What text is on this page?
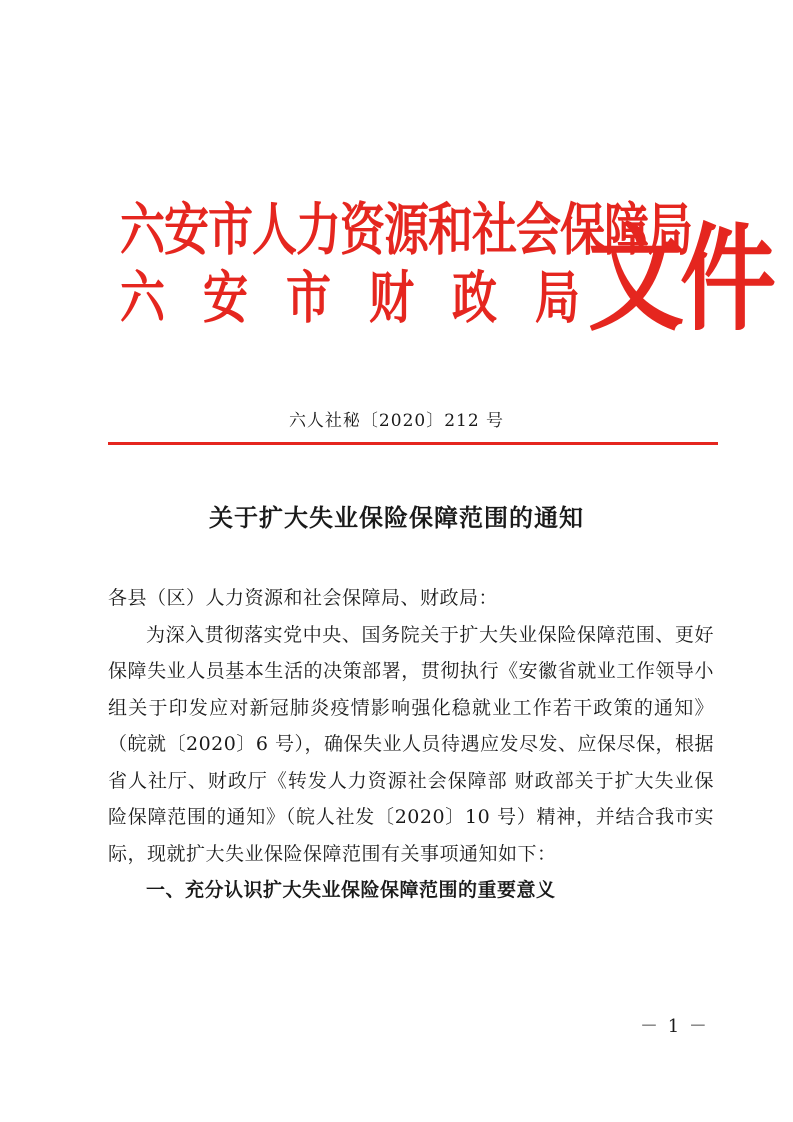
六安市人力资源和社会保障局
六 安 市 财 政 局 文件
六人社秘〔2020〕212 号
关于扩大失业保险保障范围的通知

各县（区）人力资源和社会保障局、财政局：

为深入贯彻落实党中央、国务院关于扩大失业保险保障范围、更好保障失业人员基本生活的决策部署，贯彻执行《安徽省就业工作领导小组关于印发应对新冠肺炎疫情影响强化稳就业工作若干政策的通知》（皖就〔2020〕6 号），确保失业人员待遇应发尽发、应保尽保，根据省人社厅、财政厅《转发人力资源社会保障部 财政部关于扩大失业保险保障范围的通知》（皖人社发〔2020〕10 号）精神，并结合我市实际，现就扩大失业保险保障范围有关事项通知如下：

一、充分认识扩大失业保险保障范围的重要意义

－ 1 －
